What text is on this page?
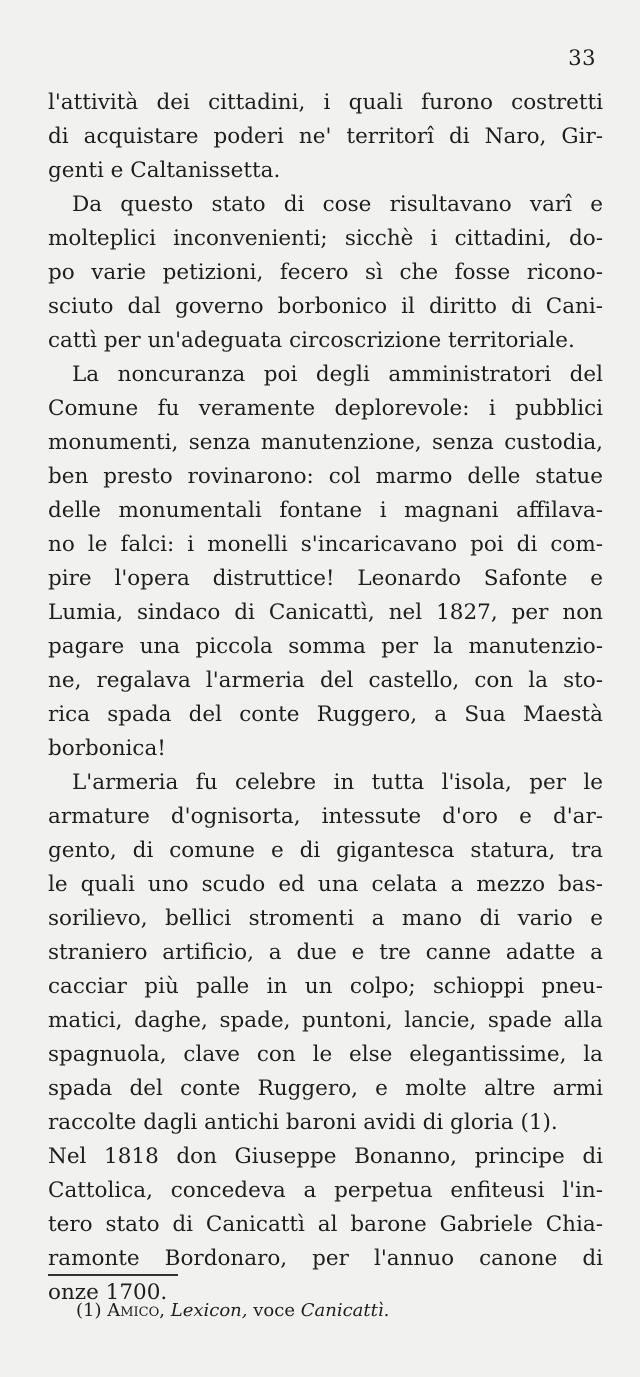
33
l'attività dei cittadini, i quali furono costretti
di acquistare poderi ne' territorî di Naro, Gir-
genti e Caltanissetta.
Da questo stato di cose risultavano varî e
molteplici inconvenienti; sicchè i cittadini, do-
po varie petizioni, fecero sì che fosse ricono-
sciuto dal governo borbonico il diritto di Cani-
cattì per un'adeguata circoscrizione territoriale.
La noncuranza poi degli amministratori del
Comune fu veramente deplorevole: i pubblici
monumenti, senza manutenzione, senza custodia,
ben presto rovinarono: col marmo delle statue
delle monumentali fontane i magnani affilava-
no le falci: i monelli s'incaricavano poi di com-
pire l'opera distruttice! Leonardo Safonte e
Lumia, sindaco di Canicattì, nel 1827, per non
pagare una piccola somma per la manutenzio-
ne, regalava l'armeria del castello, con la sto-
rica spada del conte Ruggero, a Sua Maestà
borbonica!
L'armeria fu celebre in tutta l'isola, per le
armature d'ognisorta, intessute d'oro e d'ar-
gento, di comune e di gigantesca statura, tra
le quali uno scudo ed una celata a mezzo bas-
sorilievo, bellici stromenti a mano di vario e
straniero artificio, a due e tre canne adatte a
cacciar più palle in un colpo; schioppi pneu-
matici, daghe, spade, puntoni, lancie, spade alla
spagnuola, clave con le else elegantissime, la
spada del conte Ruggero, e molte altre armi
raccolte dagli antichi baroni avidi di gloria (1).
Nel 1818 don Giuseppe Bonanno, principe di
Cattolica, concedeva a perpetua enfiteusi l'in-
tero stato di Canicattì al barone Gabriele Chia-
ramonte Bordonaro, per l'annuo canone di
onze 1700.
(1) Amico, Lexicon, voce Canicattì.
